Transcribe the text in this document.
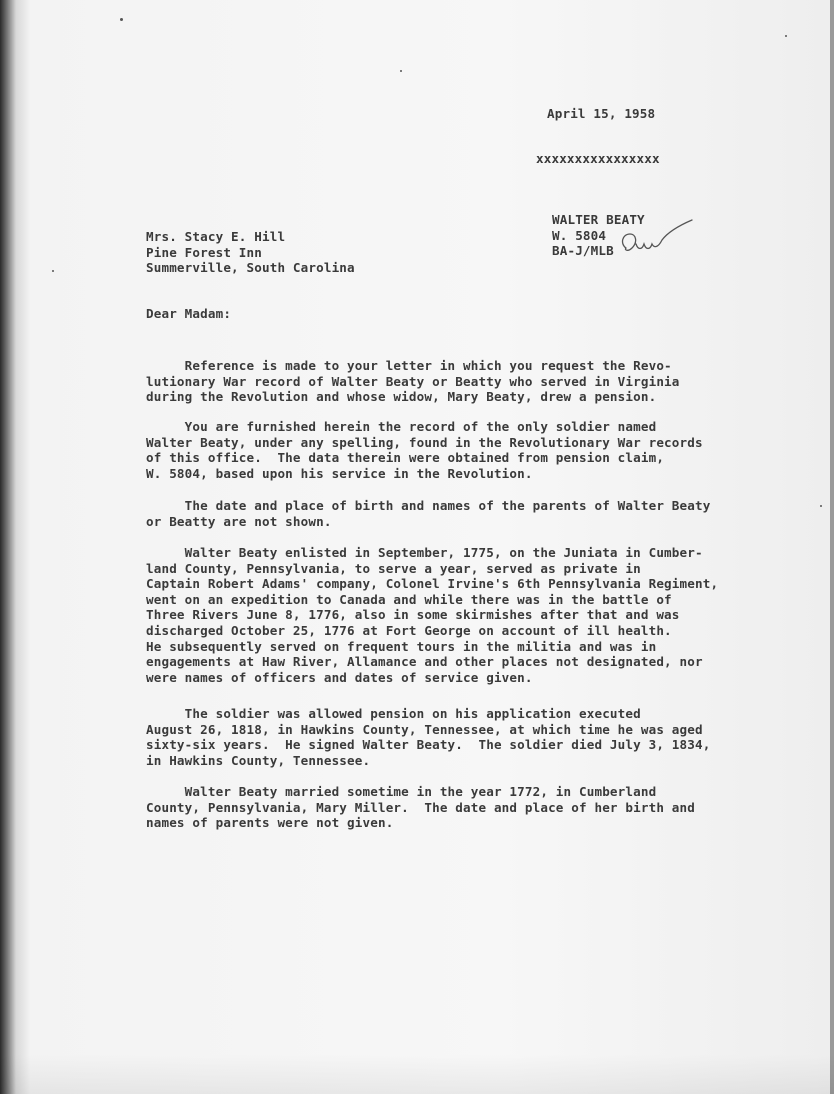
April 15, 1958
xxxxxxxxxxxxxxxx
WALTER BEATY
W. 5804
BA-J/MLB
Mrs. Stacy E. Hill
Pine Forest Inn
Summerville, South Carolina
Dear Madam:
Reference is made to your letter in which you request the Revo-
lutionary War record of Walter Beaty or Beatty who served in Virginia
during the Revolution and whose widow, Mary Beaty, drew a pension.
You are furnished herein the record of the only soldier named
Walter Beaty, under any spelling, found in the Revolutionary War records
of this office.  The data therein were obtained from pension claim,
W. 5804, based upon his service in the Revolution.
The date and place of birth and names of the parents of Walter Beaty
or Beatty are not shown.
Walter Beaty enlisted in September, 1775, on the Juniata in Cumber-
land County, Pennsylvania, to serve a year, served as private in
Captain Robert Adams' company, Colonel Irvine's 6th Pennsylvania Regiment,
went on an expedition to Canada and while there was in the battle of
Three Rivers June 8, 1776, also in some skirmishes after that and was
discharged October 25, 1776 at Fort George on account of ill health.
He subsequently served on frequent tours in the militia and was in
engagements at Haw River, Allamance and other places not designated, nor
were names of officers and dates of service given.
The soldier was allowed pension on his application executed
August 26, 1818, in Hawkins County, Tennessee, at which time he was aged
sixty-six years.  He signed Walter Beaty.  The soldier died July 3, 1834,
in Hawkins County, Tennessee.
Walter Beaty married sometime in the year 1772, in Cumberland
County, Pennsylvania, Mary Miller.  The date and place of her birth and
names of parents were not given.
